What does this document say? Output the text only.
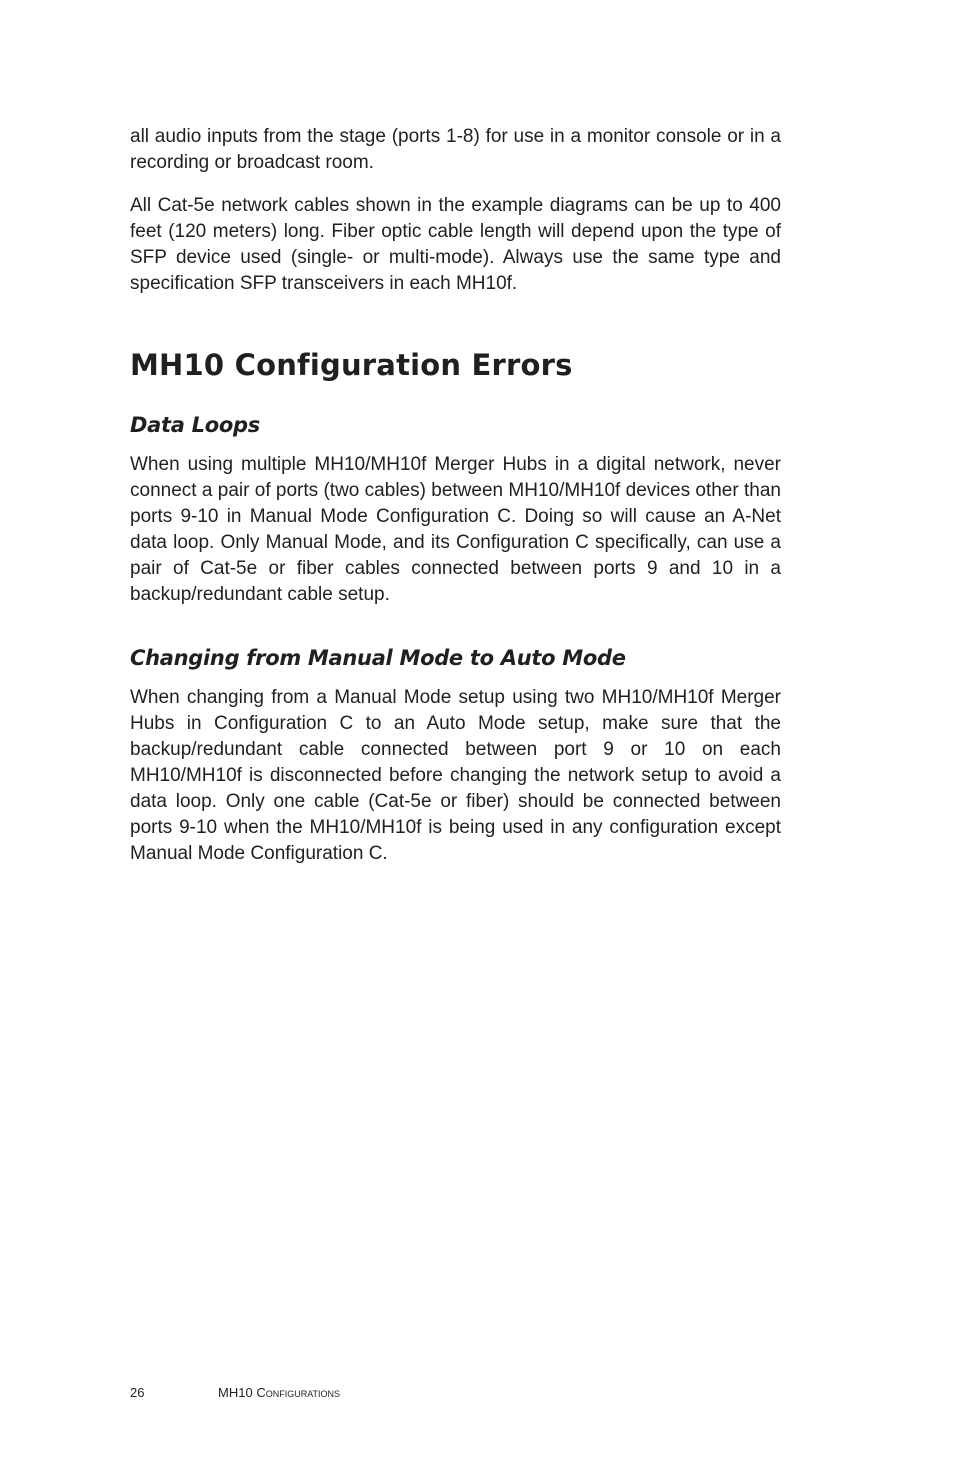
all audio inputs from the stage (ports 1-8) for use in a monitor console or in a recording or broadcast room.

All Cat-5e network cables shown in the example diagrams can be up to 400 feet (120 meters) long. Fiber optic cable length will depend upon the type of SFP device used (single- or multi-mode). Always use the same type and specification SFP transceivers in each MH10f.

MH10 Configuration Errors
Data Loops

When using multiple MH10/MH10f Merger Hubs in a digital network, never connect a pair of ports (two cables) between MH10/MH10f devices other than ports 9-10 in Manual Mode Configuration C. Doing so will cause an A-Net data loop. Only Manual Mode, and its Configuration C specifically, can use a pair of Cat-5e or fiber cables connected between ports 9 and 10 in a backup/redundant cable setup.

Changing from Manual Mode to Auto Mode

When changing from a Manual Mode setup using two MH10/MH10f Merger Hubs in Configuration C to an Auto Mode setup, make sure that the backup/redundant cable connected between port 9 or 10 on each MH10/MH10f is disconnected before changing the network setup to avoid a data loop. Only one cable (Cat-5e or fiber) should be connected between ports 9-10 when the MH10/MH10f is being used in any configuration except Manual Mode Configuration C.

26	MH10 Configurations
